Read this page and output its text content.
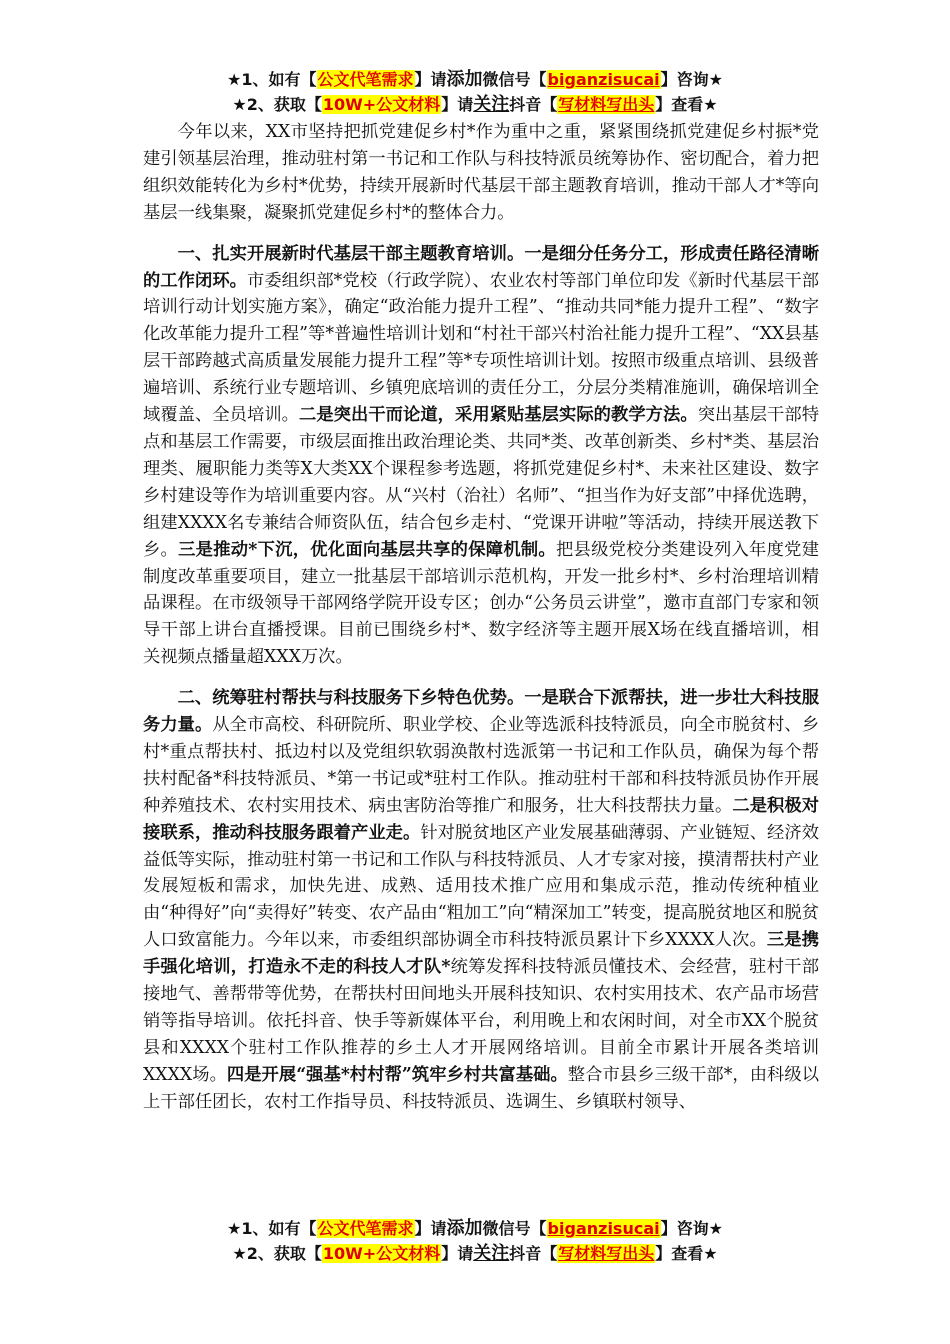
★1、如有【公文代笔需求】请添加微信号【biganzisucai】咨询★
★2、获取【10W+公文材料】请关注抖音【写材料写出头】查看★

今年以来，XX市坚持把抓党建促乡村*作为重中之重，紧紧围绕抓党建促乡村振*党建引领基层治理，推动驻村第一书记和工作队与科技特派员统筹协作、密切配合，着力把组织效能转化为乡村*优势，持续开展新时代基层干部主题教育培训，推动干部人才*等向基层一线集聚，凝聚抓党建促乡村*的整体合力。

一、扎实开展新时代基层干部主题教育培训。一是细分任务分工，形成责任路径清晰的工作闭环。市委组织部*党校（行政学院）、农业农村等部门单位印发《新时代基层干部培训行动计划实施方案》，确定“政治能力提升工程”、“推动共同*能力提升工程”、“数字化改革能力提升工程”等*普遍性培训计划和“村社干部兴村治社能力提升工程”、“XX县基层干部跨越式高质量发展能力提升工程”等*专项性培训计划。按照市级重点培训、县级普遍培训、系统行业专题培训、乡镇兜底培训的责任分工，分层分类精准施训，确保培训全域覆盖、全员培训。二是突出干而论道，采用紧贴基层实际的教学方法。突出基层干部特点和基层工作需要，市级层面推出政治理论类、共同*类、改革创新类、乡村*类、基层治理类、履职能力类等X大类XX个课程参考选题，将抓党建促乡村*、未来社区建设、数字乡村建设等作为培训重要内容。从“兴村（治社）名师”、“担当作为好支部”中择优选聘，组建XXXX名专兼结合师资队伍，结合包乡走村、“党课开讲啦”等活动，持续开展送教下乡。三是推动*下沉，优化面向基层共享的保障机制。把县级党校分类建设列入年度党建制度改革重要项目，建立一批基层干部培训示范机构，开发一批乡村*、乡村治理培训精品课程。在市级领导干部网络学院开设专区；创办“公务员云讲堂”，邀市直部门专家和领导干部上讲台直播授课。目前已围绕乡村*、数字经济等主题开展X场在线直播培训，相关视频点播量超XXX万次。

二、统筹驻村帮扶与科技服务下乡特色优势。一是联合下派帮扶，进一步壮大科技服务力量。从全市高校、科研院所、职业学校、企业等选派科技特派员，向全市脱贫村、乡村*重点帮扶村、抵边村以及党组织软弱涣散村选派第一书记和工作队员，确保为每个帮扶村配备*科技特派员、*第一书记或*驻村工作队。推动驻村干部和科技特派员协作开展种养殖技术、农村实用技术、病虫害防治等推广和服务，壮大科技帮扶力量。二是积极对接联系，推动科技服务跟着产业走。针对脱贫地区产业发展基础薄弱、产业链短、经济效益低等实际，推动驻村第一书记和工作队与科技特派员、人才专家对接，摸清帮扶村产业发展短板和需求，加快先进、成熟、适用技术推广应用和集成示范，推动传统种植业由“种得好”向“卖得好”转变、农产品由“粗加工”向“精深加工”转变，提高脱贫地区和脱贫人口致富能力。今年以来，市委组织部协调全市科技特派员累计下乡XXXX人次。三是携手强化培训，打造永不走的科技人才队*统筹发挥科技特派员懂技术、会经营，驻村干部接地气、善帮带等优势，在帮扶村田间地头开展科技知识、农村实用技术、农产品市场营销等指导培训。依托抖音、快手等新媒体平台，利用晚上和农闲时间，对全市XX个脱贫县和XXXX个驻村工作队推荐的乡土人才开展网络培训。目前全市累计开展各类培训XXXX场。四是开展“强基*村村帮”筑牢乡村共富基础。整合市县乡三级干部*，由科级以上干部任团长，农村工作指导员、科技特派员、选调生、乡镇联村领导、

★1、如有【公文代笔需求】请添加微信号【biganzisucai】咨询★
★2、获取【10W+公文材料】请关注抖音【写材料写出头】查看★
